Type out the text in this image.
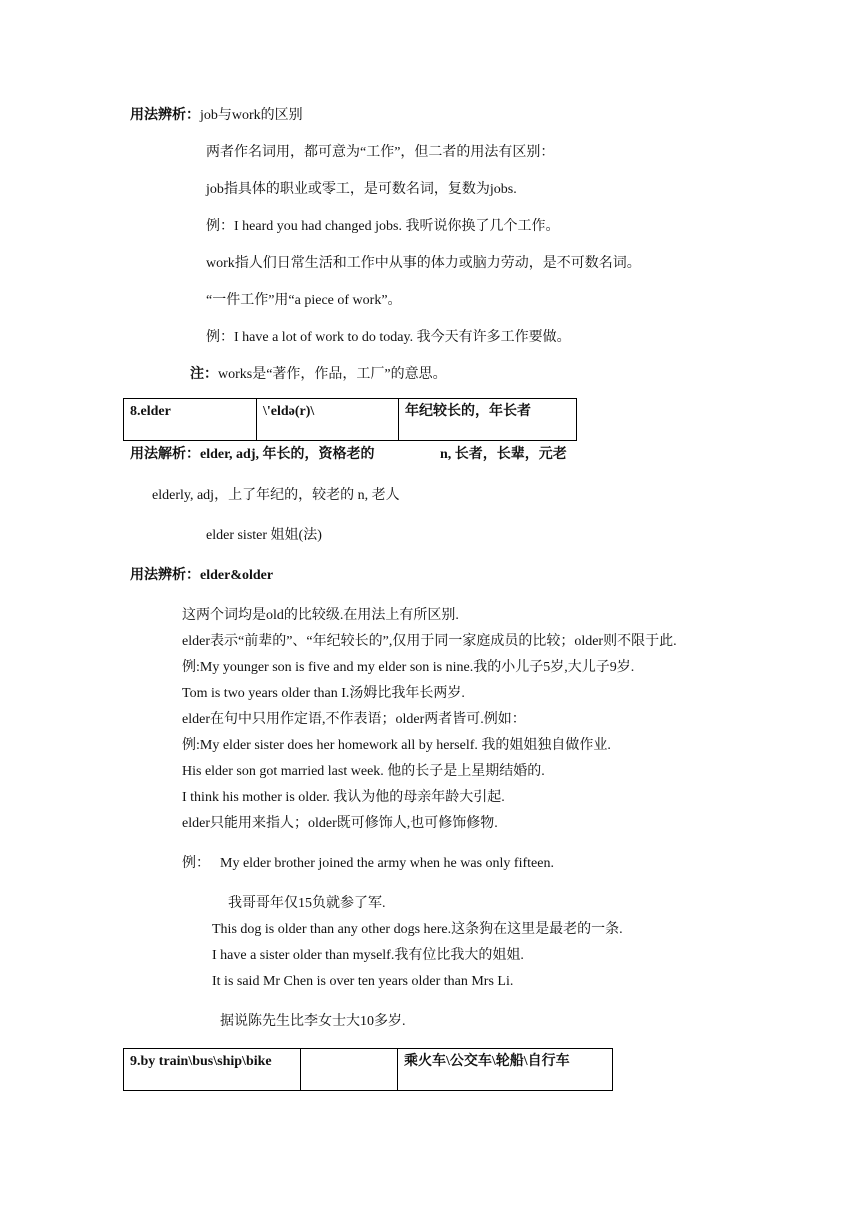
用法辨析：job与work的区别
两者作名词用，都可意为“工作”，但二者的用法有区别：
job指具体的职业或零工，是可数名词，复数为jobs.
例：I heard you had changed jobs. 我听说你换了几个工作。
work指人们日常生活和工作中从事的体力或脑力劳动，是不可数名词。
“一件工作”用“a piece of work”。
例：I have a lot of work to do today. 我今天有许多工作要做。
注：works是“著作，作品，工厂”的意思。
8.elder	\'eldə(r)\	年纪较长的，年长者
用法解析：elder, adj, 年长的，资格老的	n, 长者，长辈，元老
elderly, adj，上了年纪的，较老的 n, 老人
elder sister 姐姐(法)
用法辨析：elder&older
这两个词均是old的比较级.在用法上有所区别.
elder表示“前辈的”、“年纪较长的”,仅用于同一家庭成员的比较；older则不限于此.
例:My younger son is five and my elder son is nine.我的小儿子5岁,大儿子9岁.
Tom is two years older than I.汤姆比我年长两岁.
elder在句中只用作定语,不作表语；older两者皆可.例如：
例:My elder sister does her homework all by herself. 我的姐姐独自做作业.
His elder son got married last week. 他的长子是上星期结婚的.
I think his mother is older. 我认为他的母亲年龄大引起.
elder只能用来指人；older既可修饰人,也可修饰修物.
例： My elder brother joined the army when he was only fifteen.
我哥哥年仅15负就参了军.
This dog is older than any other dogs here.这条狗在这里是最老的一条.
I have a sister older than myself.我有位比我大的姐姐.
It is said Mr Chen is over ten years older than Mrs Li.
据说陈先生比李女士大10多岁.
9.by train\bus\ship\bike		乘火车\公交车\轮船\自行车
